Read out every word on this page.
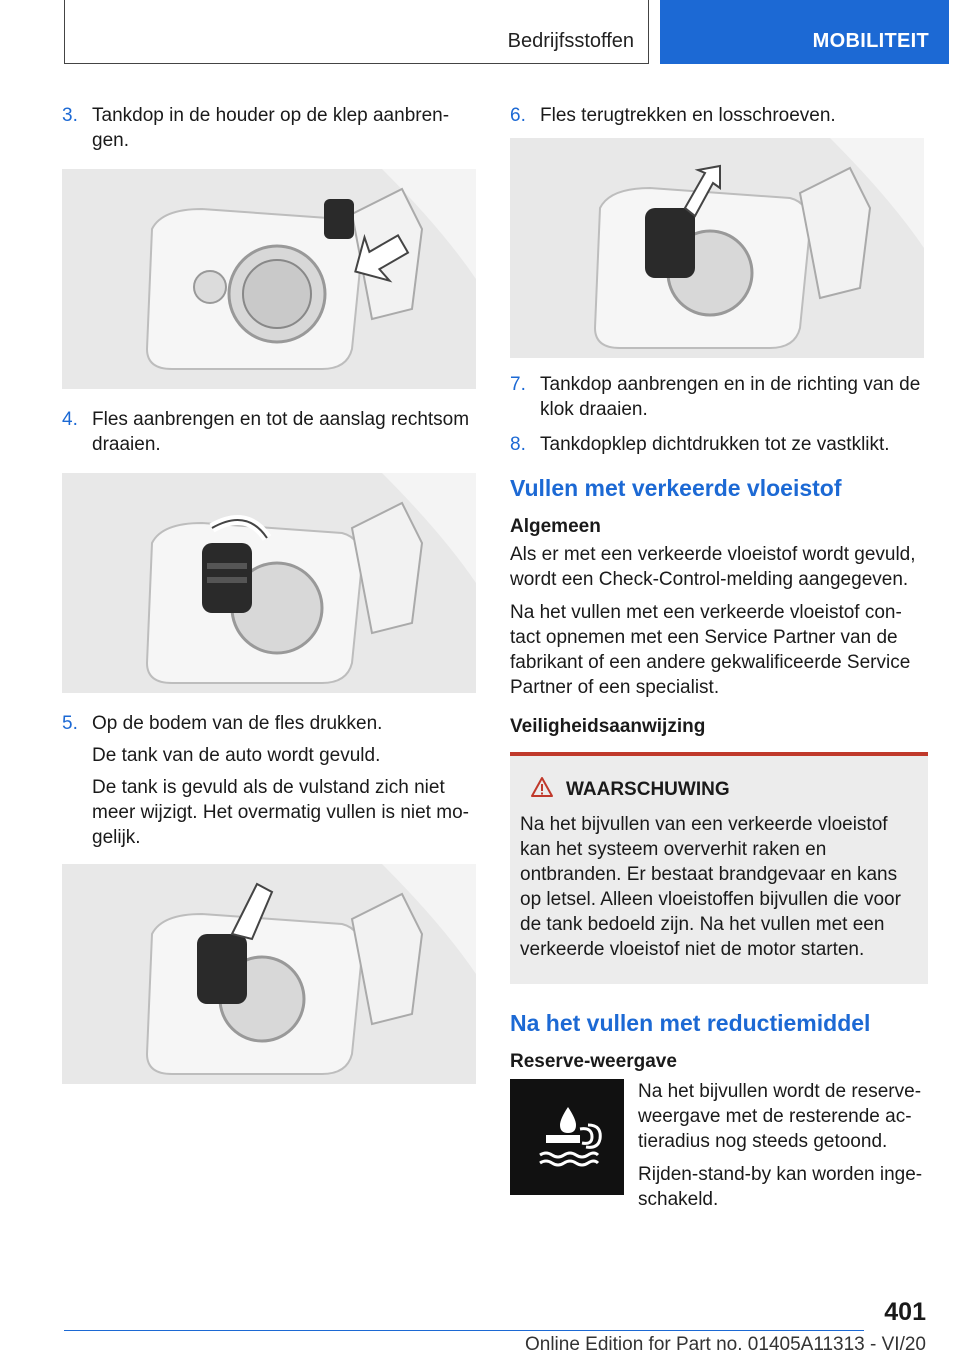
Bedrijfsstoffen	MOBILITEIT
3. Tankdop in de houder op de klep aanbren‐
gen.

4. Fles aanbrengen en tot de aanslag rechtsom
draaien.

5. Op de bodem van de fles drukken.

De tank van de auto wordt gevuld.

De tank is gevuld als de vulstand zich niet meer wijzigt. Het overmatig vullen is niet mo‐gelijk.

6. Fles terugtrekken en losschroeven.

7. Tankdop aanbrengen en in de richting van de
klok draaien.

8. Tankdopklep dichtdrukken tot ze vastklikt.

Vullen met verkeerde vloeistof
Algemeen

Als er met een verkeerde vloeistof wordt gevuld, wordt een Check-Control-melding aangegeven.

Na het vullen met een verkeerde vloeistof con‐tact opnemen met een Service Partner van de fabrikant of een andere gekwalificeerde Service Partner of een specialist.

Veiligheidsaanwijzing
WAARSCHUWING

Na het bijvullen van een verkeerde vloeistof kan het systeem oververhit raken en ontbranden. Er bestaat brandgevaar en kans op letsel. Alleen vloeistoffen bijvullen die voor de tank bedoeld zijn. Na het vullen met een verkeerde vloeistof niet de motor starten.

Na het vullen met reductiemiddel
Reserve-weergave

Na het bijvullen wordt de reserve‐weergave met de resterende ac‐tieradius nog steeds getoond.

Rijden-stand-by kan worden inge‐schakeld.

401
Online Edition for Part no. 01405A11313 - VI/20
